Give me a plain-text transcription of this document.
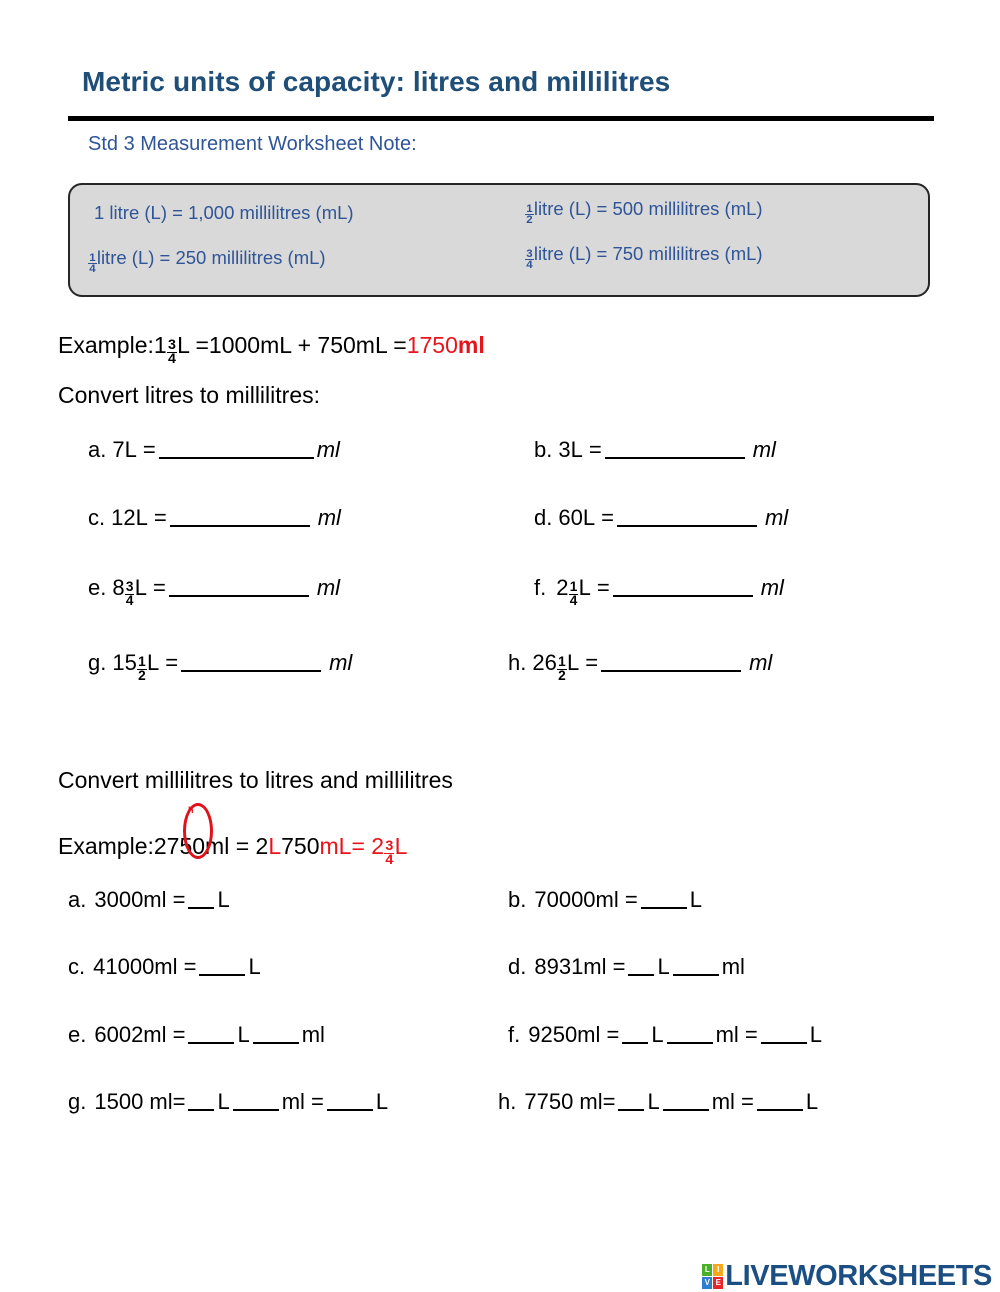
Metric units of capacity: litres and millilitres
Std 3 Measurement Worksheet Note:
1 litre (L) = 1,000 millilitres (mL)	$\frac{1}{2}$ litre (L) = 500 millilitres (mL)
$\frac{1}{4}$ litre (L) = 250 millilitres (mL)	$\frac{3}{4}$ litre (L) = 750 millilitres (mL)
Example: $1 \frac{3}{4}$ L =1000mL + 750mL = 1750 ml
Convert litres to millilitres:
a. 7L =	ml	b. 3L =	ml
c. 12L =	ml	d. 60L =	ml
e. $8 \frac{3}{4}$ L =	ml	f. $2 \frac{1}{4}$ L =	ml
g. $15 \frac{1}{2}$ L =	ml	h. $26 \frac{1}{2}$ L =	ml
Convert millilitres to litres and millilitres
Example: 2750ml = 2 L 750 mL = $2 \frac{3}{4}$ L
h
a. 3000ml = L	b. 70000ml = L
c. 41000ml = L	d. 8931ml = L ml
e. 6002ml = L ml	f. 9250ml = L ml = L
g. 1500 ml= L ml = L	h. 7750 ml= L ml = L
L I
V E LIVEWORKSHEETS
